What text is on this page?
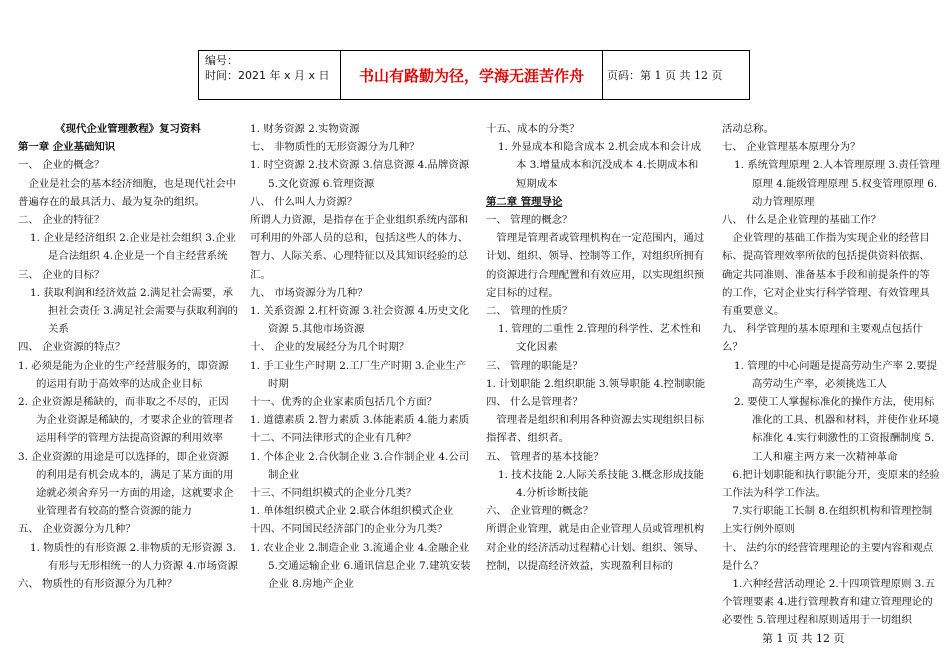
编号：
时间：2021 年 x 月 x 日	书山有路勤为径，学海无涯苦作舟 页码：第 1 页 共 12 页

《现代企业管理教程》复习资料

第一章 企业基础知识

一、 企业的概念？

企业是社会的基本经济细胞，也是现代社会中普遍存在的最具活力、最为复杂的组织。

二、 企业的特征？

1. 企业是经济组织 2.企业是社会组织 3.企业是合法组织 4.企业是一个自主经营系统

三、 企业的目标？

1. 获取利润和经济效益 2.满足社会需要，承担社会责任 3.满足社会需要与获取利润的关系

四、 企业资源的特点？

1. 必须是能为企业的生产经营服务的，即资源的运用有助于高效率的达成企业目标

2. 企业资源是稀缺的，而非取之不尽的，正因为企业资源是稀缺的，才要求企业的管理者运用科学的管理方法提高资源的利用效率

3. 企业资源的用途是可以选择的，即企业资源的利用是有机会成本的，满足了某方面的用途就必须舍弃另一方面的用途，这就要求企业管理者有较高的整合资源的能力

五、 企业资源分为几种？

1. 物质性的有形资源 2.非物质的无形资源 3.有形与无形相统一的人力资源 4.市场资源

六、 物质性的有形资源分为几种？

1. 财务资源 2.实物资源

七、 非物质性的无形资源分为几种？

1. 时空资源 2.技术资源 3.信息资源 4.品牌资源 5.文化资源 6.管理资源

八、 什么叫人力资源？

所谓人力资源，是指存在于企业组织系统内部和可利用的外部人员的总和，包括这些人的体力、智力、人际关系、心理特征以及其知识经验的总汇。

九、 市场资源分为几种？

1. 关系资源 2.杠杆资源 3.社会资源 4.历史文化资源 5.其他市场资源

十、 企业的发展经分为几个时期？

1. 手工业生产时期 2.工厂生产时期 3.企业生产时期

十一、优秀的企业家素质包括几个方面？

1. 道德素质 2.智力素质 3.体能素质 4.能力素质

十二、不同法律形式的企业有几种？

1. 个体企业 2.合伙制企业 3.合作制企业 4.公司制企业

十三、不同组织模式的企业分几类？

1. 单体组织模式企业 2.联合体组织模式企业

十四、不同国民经济部门的企业分为几类？

1. 农业企业 2.制造企业 3.流通企业 4.金融企业 5.交通运输企业 6.通讯信息企业 7.建筑安装企业 8.房地产企业

十五、成本的分类？

1. 外显成本和隐含成本 2.机会成本和会计成本 3.增量成本和沉没成本 4.长期成本和短期成本

第二章 管理导论

一、 管理的概念？

管理是管理者或管理机构在一定范围内，通过计划、组织、领导、控制等工作，对组织所拥有的资源进行合理配置和有效应用，以实现组织预定目标的过程。

二、 管理的性质？

1. 管理的二重性 2.管理的科学性、艺术性和文化因素

三、 管理的职能是？

1. 计划职能 2.组织职能 3.领导职能 4.控制职能

四、 什么是管理者？

管理者是组织和利用各种资源去实现组织目标指挥者、组织者。

五、 管理者的基本技能？

1. 技术技能 2.人际关系技能 3.概念形成技能 4.分析诊断技能

六、 企业管理的概念？

所谓企业管理，就是由企业管理人员或管理机构对企业的经济活动过程精心计划、组织、领导、控制，以提高经济效益，实现盈利目标的

活动总称。

七、 企业管理基本原理分为？

1. 系统管理原理 2.人本管理原理 3.责任管理原理 4.能级管理原理 5.权变管理原理 6.动力管理原理

八、 什么是企业管理的基础工作？

企业管理的基础工作指为实现企业的经营目标、提高管理效率所依的包括提供资料依据、确定共同准则、准备基本手段和前提条件的等的工作，它对企业实行科学管理、有效管理具有重要意义。

九、 科学管理的基本原理和主要观点包括什么？

1. 管理的中心问题是提高劳动生产率 2.要提高劳动生产率，必须挑选工人

2. 要使工人掌握标准化的操作方法，使用标准化的工具、机器和材料，并使作业环境标准化 4.实行刺激性的工资报酬制度 5.工人和雇主两方来一次精神革命

6.把计划职能和执行职能分开，变原来的经验工作法为科学工作法。

7.实行职能工长制 8.在组织机构和管理控制上实行例外原则

十、 法约尔的经营管理理论的主要内容和观点是什么？

1.六种经营活动理论 2.十四项管理原则 3.五个管理要素 4.进行管理教育和建立管理理论的必要性 5.管理过程和原则适用于一切组织

第 1 页 共 12 页
